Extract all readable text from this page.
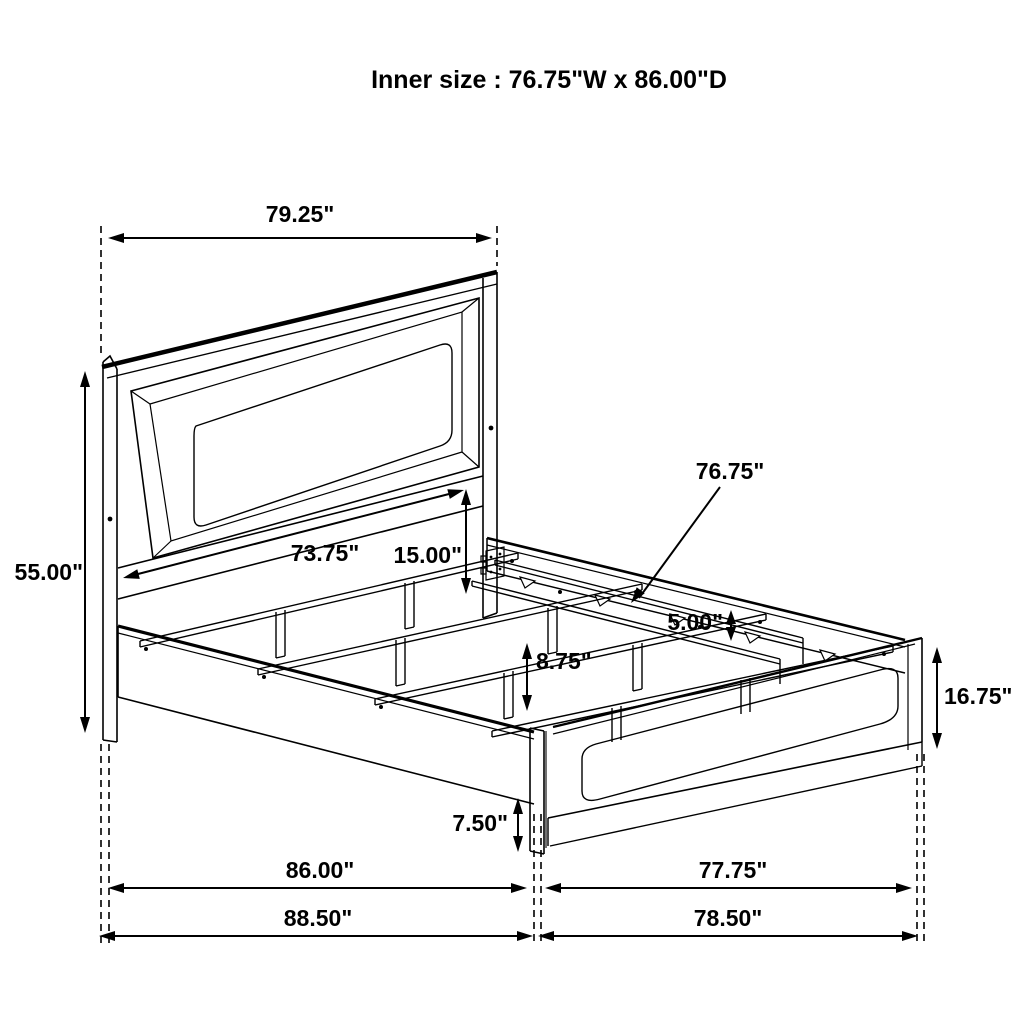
Inner size : 76.75"W x 86.00"D
79.25"
55.00"
73.75" 15.00"
76.75"
5.00"
8.75"
16.75"
7.50"
86.00"	77.75"
88.50"	78.50"
